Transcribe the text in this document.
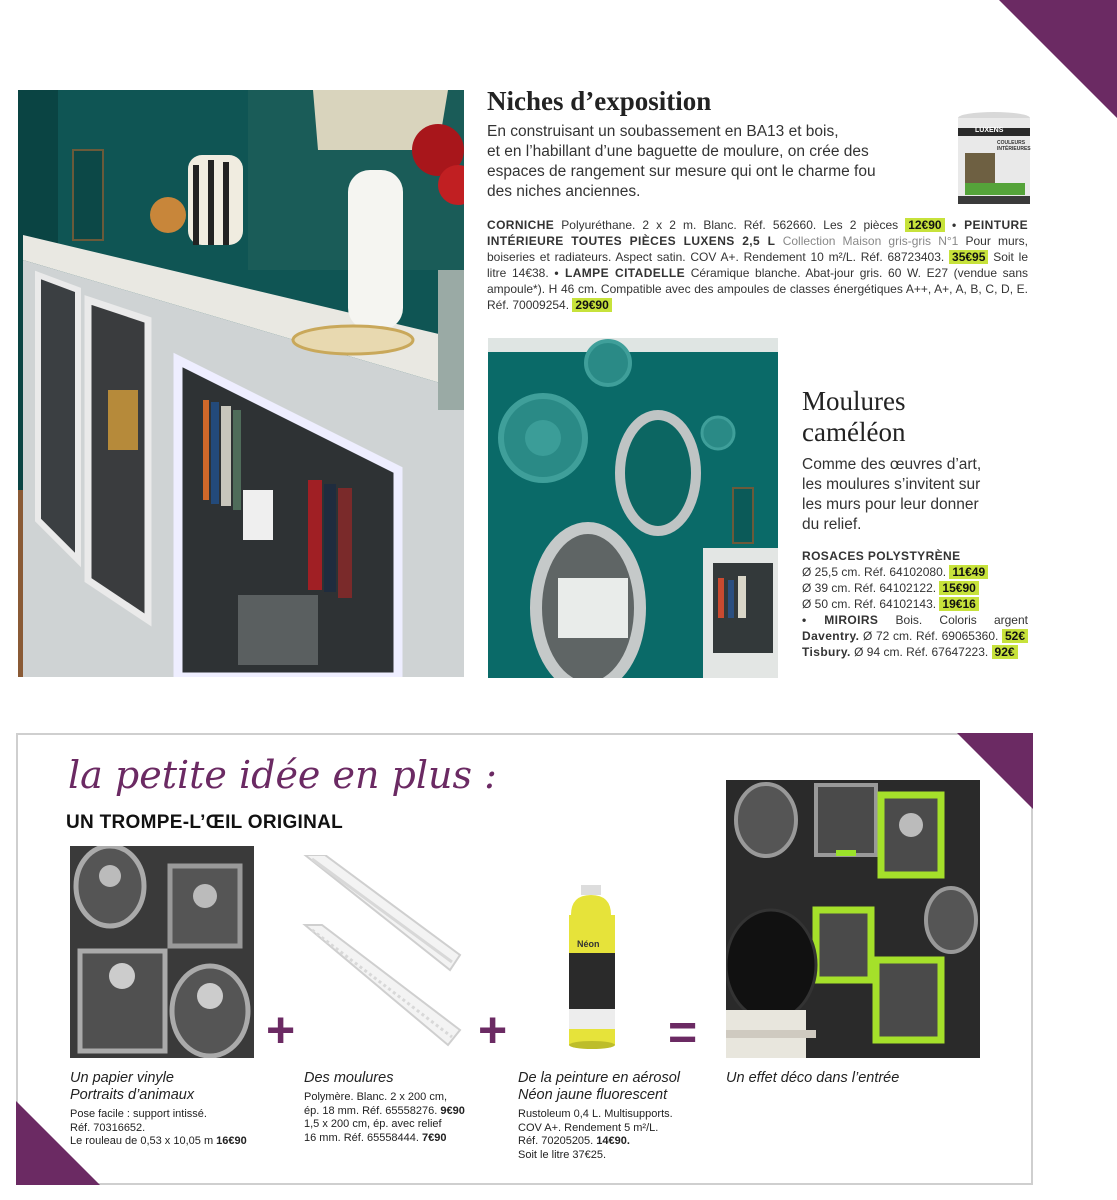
Niches d’exposition
En construisant un soubassement en BA13 et bois,
et en l’habillant d’une baguette de moulure, on crée des
espaces de rangement sur mesure qui ont le charme fou
des niches anciennes.
LUXENS
COULEURS INTÉRIEURES
CORNICHE Polyuréthane. 2 x 2 m. Blanc. Réf. 562660. Les 2 pièces 12€90 • PEINTURE INTÉRIEURE TOUTES PIÈCES LUXENS 2,5 L Collection Maison gris-gris N°1 Pour murs, boiseries et radiateurs. Aspect satin. COV A+. Rendement 10 m²/L. Réf. 68723403. 35€95 Soit le litre 14€38. • LAMPE CITADELLE Céramique blanche. Abat-jour gris. 60 W. E27 (vendue sans ampoule*). H 46 cm. Compatible avec des ampoules de classes énergétiques A++, A+, A, B, C, D, E. Réf. 70009254. 29€90
Moulures
caméléon
Comme des œuvres d’art,
les moulures s’invitent sur
les murs pour leur donner
du relief.
ROSACES POLYSTYRÈNE
Ø 25,5 cm. Réf. 64102080. 11€49
Ø 39 cm. Réf. 64102122. 15€90
Ø 50 cm. Réf. 64102143. 19€16
• MIROIRS Bois. Coloris argent Daventry. Ø 72 cm. Réf. 69065360. 52€ Tisbury. Ø 94 cm. Réf. 67647223. 92€
la petite idée en plus :
UN TROMPE-L’ŒIL ORIGINAL
+	+
Néon
=
Un papier vinyle
Portraits d’animaux
Pose facile : support intissé.
Réf. 70316652.
Le rouleau de 0,53 x 10,05 m 16€90
Des moulures
Polymère. Blanc. 2 x 200 cm,
ép. 18 mm. Réf. 65558276. 9€90
1,5 x 200 cm, ép. avec relief
16 mm. Réf. 65558444. 7€90
De la peinture en aérosol
Néon jaune fluorescent
Rustoleum 0,4 L. Multisupports.
COV A+. Rendement 5 m²/L.
Réf. 70205205. 14€90.
Soit le litre 37€25.
Un effet déco dans l’entrée
